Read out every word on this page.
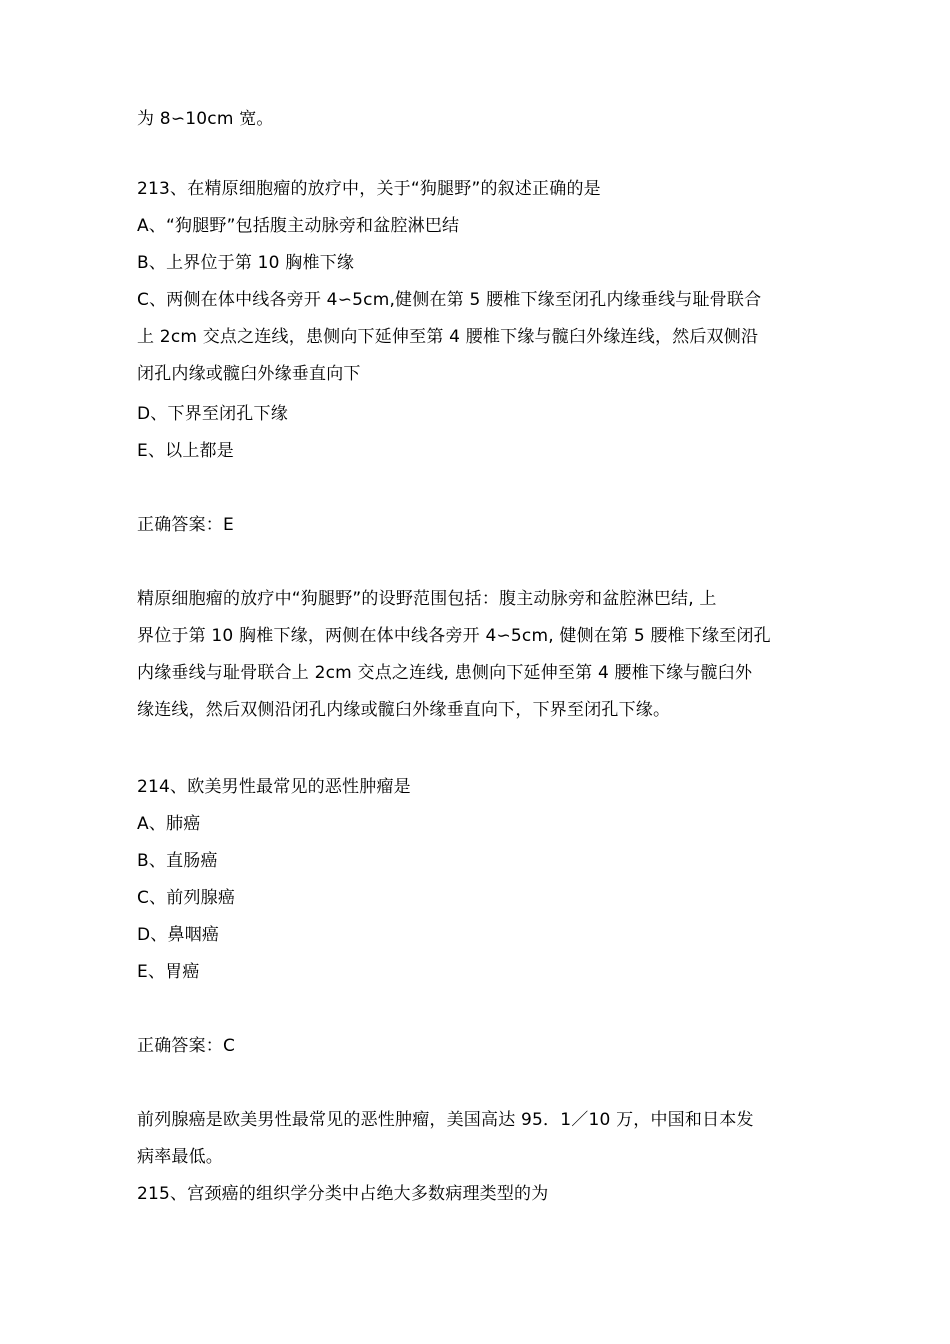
为 8∽10cm 宽。
213、在精原细胞瘤的放疗中，关于“狗腿野”的叙述正确的是
A、“狗腿野”包括腹主动脉旁和盆腔淋巴结
B、上界位于第 10 胸椎下缘
C、两侧在体中线各旁开 4∽5cm,健侧在第 5 腰椎下缘至闭孔内缘垂线与耻骨联合
上 2cm 交点之连线，患侧向下延伸至第 4 腰椎下缘与髋臼外缘连线，然后双侧沿
闭孔内缘或髋臼外缘垂直向下
D、下界至闭孔下缘
E、以上都是
正确答案：E
精原细胞瘤的放疗中“狗腿野”的设野范围包括：腹主动脉旁和盆腔淋巴结, 上
界位于第 10 胸椎下缘，两侧在体中线各旁开 4∽5cm, 健侧在第 5 腰椎下缘至闭孔
内缘垂线与耻骨联合上 2cm 交点之连线, 患侧向下延伸至第 4 腰椎下缘与髋臼外
缘连线，然后双侧沿闭孔内缘或髋臼外缘垂直向下，下界至闭孔下缘。
214、欧美男性最常见的恶性肿瘤是
A、肺癌
B、直肠癌
C、前列腺癌
D、鼻咽癌
E、胃癌
正确答案：C
前列腺癌是欧美男性最常见的恶性肿瘤，美国高达 95．1／10 万，中国和日本发
病率最低。
215、宫颈癌的组织学分类中占绝大多数病理类型的为
